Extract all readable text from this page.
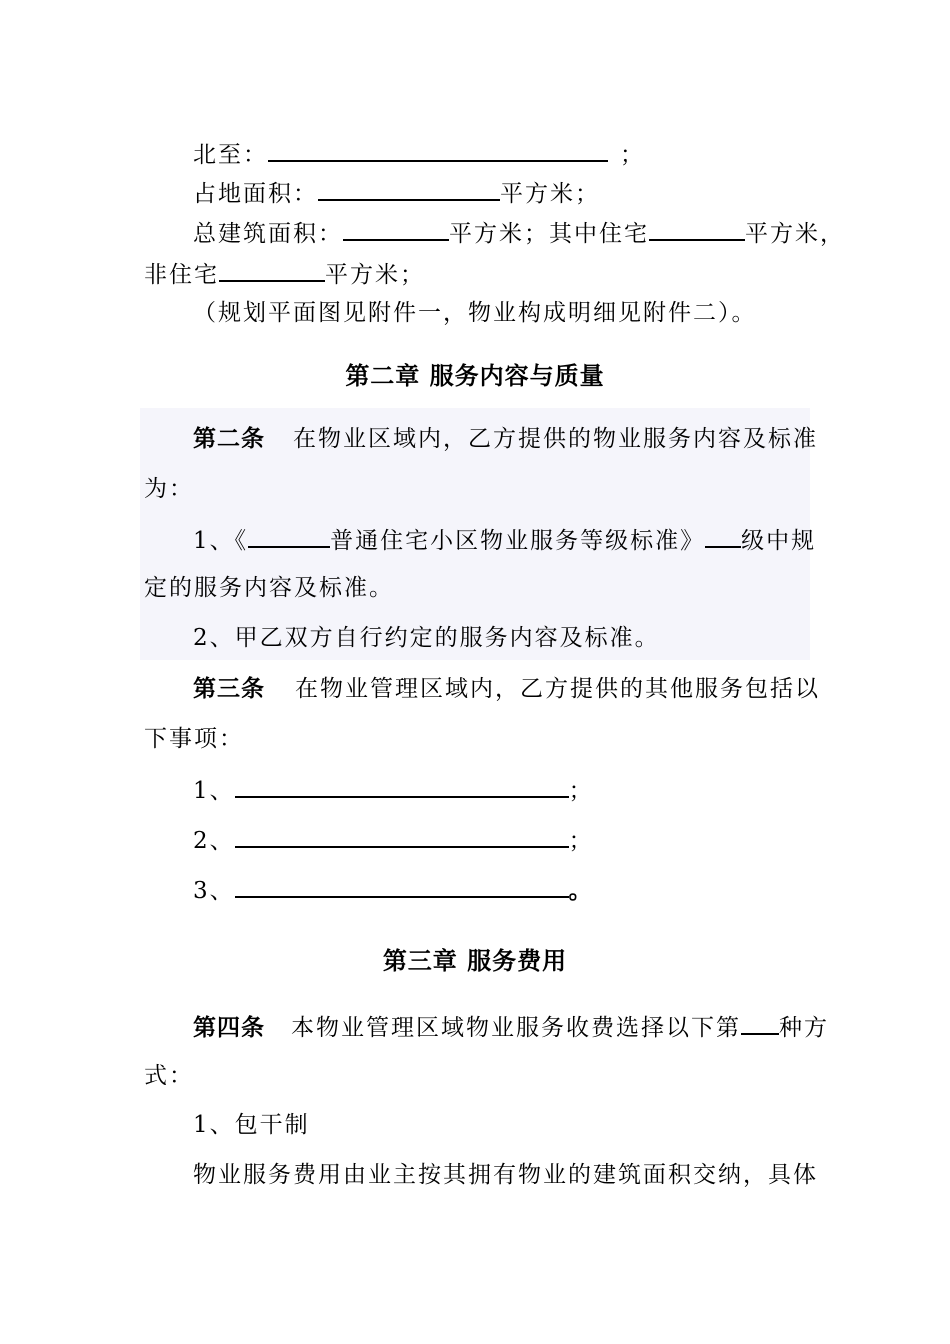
北至：	；
占地面积：	平方米；
总建筑面积：	平方米；其中住宅	平方米，
非住宅	平方米；
（规划平面图见附件一，物业构成明细见附件二）。
第二章 服务内容与质量
第二条 在物业区域内，乙方提供的物业服务内容及标准
为：
1、《	普通住宅小区物业服务等级标准》 级中规
定的服务内容及标准。
2、甲乙双方自行约定的服务内容及标准。
第三条 在物业管理区域内，乙方提供的其他服务包括以
下事项：
1、	；
2、	；
3、	。
第三章 服务费用
第四条 本物业管理区域物业服务收费选择以下第 种方
式：
1、包干制
物业服务费用由业主按其拥有物业的建筑面积交纳，具体
